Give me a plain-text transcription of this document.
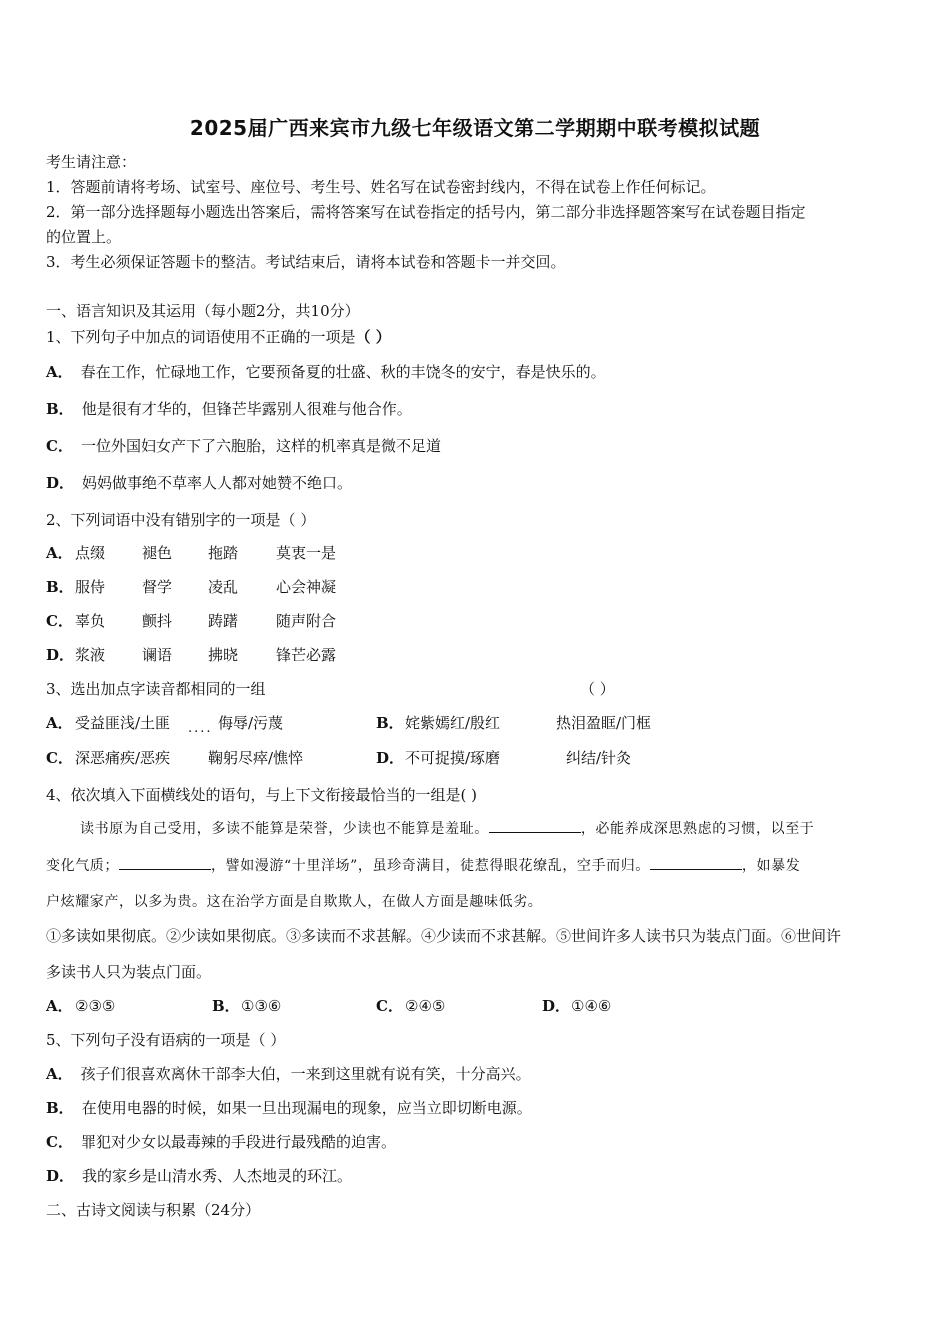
2025届广西来宾市九级七年级语文第二学期期中联考模拟试题
考生请注意：
1．答题前请将考场、试室号、座位号、考生号、姓名写在试卷密封线内，不得在试卷上作任何标记。
2．第一部分选择题每小题选出答案后，需将答案写在试卷指定的括号内，第二部分非选择题答案写在试卷题目指定
的位置上。
3．考生必须保证答题卡的整洁。考试结束后，请将本试卷和答题卡一并交回。
一、语言知识及其运用（每小题2分，共10分）
1、下列句子中加点的词语使用不正确的一项是（ ）
A． 春在工作，忙碌地工作，它要预备夏的壮盛、秋的丰饶冬的安宁，春是快乐的。
B． 他是很有才华的，但锋芒毕露别人很难与他合作。
C． 一位外国妇女产下了六胞胎，这样的机率真是微不足道
D． 妈妈做事绝不草率人人都对她赞不绝口。
2、下列词语中没有错别字的一项是（ ）
A． 点缀 褪色 拖踏	莫衷一是
B． 服侍 督学 凌乱	心会神凝
C． 辜负 颤抖 踌躇	随声附合
D． 浆液 谰语 拂晓	锋芒必露
3、选出加点字读音都相同的一组	（ ）
A． 受益匪浅/土匪 .... 侮辱/污蔑	B． 姹紫嫣红/殷红	热泪盈眶/门框
C． 深恶痛疾/恶疾	鞠躬尽瘁/憔悴	D． 不可捉摸/琢磨	纠结/针灸
4、依次填入下面横线处的语句，与上下文衔接最恰当的一组是( )
读书原为自己受用，多读不能算是荣誉，少读也不能算是羞耻。	，必能养成深思熟虑的习惯，以至于
变化气质；	，譬如漫游“十里洋场”，虽珍奇满目，徒惹得眼花缭乱，空手而归。	，如暴发
户炫耀家产，以多为贵。这在治学方面是自欺欺人，在做人方面是趣味低劣。
①多读如果彻底。②少读如果彻底。③多读而不求甚解。④少读而不求甚解。⑤世间许多人读书只为装点门面。⑥世间许
多读书人只为装点门面。
A． ②③⑤	B． ①③⑥	C． ②④⑤	D． ①④⑥
5、下列句子没有语病的一项是（ ）
A． 孩子们很喜欢离休干部李大伯，一来到这里就有说有笑，十分高兴。
B． 在使用电器的时候，如果一旦出现漏电的现象，应当立即切断电源。
C． 罪犯对少女以最毒辣的手段进行最残酷的迫害。
D． 我的家乡是山清水秀、人杰地灵的环江。
二、古诗文阅读与积累（24分）
